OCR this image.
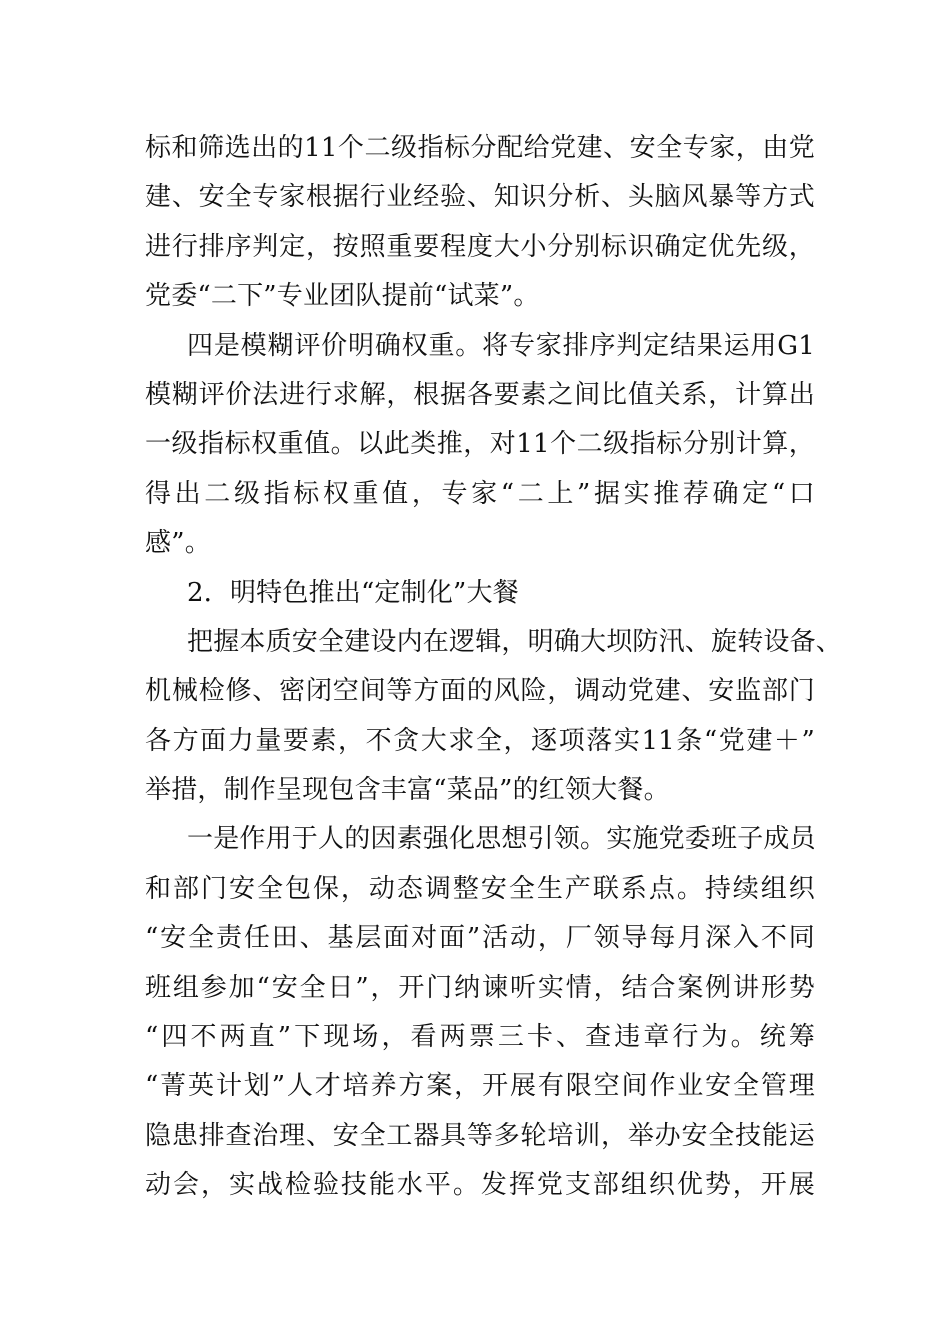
标和筛选出的11个二级指标分配给党建、安全专家，由党
建、安全专家根据行业经验、知识分析、头脑风暴等方式
进行排序判定，按照重要程度大小分别标识确定优先级，
党委“二下”专业团队提前“试菜”。
四是模糊评价明确权重。将专家排序判定结果运用G1
模糊评价法进行求解，根据各要素之间比值关系，计算出
一级指标权重值。以此类推，对11个二级指标分别计算，
得出二级指标权重值，专家“二上”据实推荐确定“口
感”。
2．明特色推出“定制化”大餐
把握本质安全建设内在逻辑，明确大坝防汛、旋转设备、
机械检修、密闭空间等方面的风险，调动党建、安监部门
各方面力量要素，不贪大求全，逐项落实11条“党建＋”
举措，制作呈现包含丰富“菜品”的红领大餐。
一是作用于人的因素强化思想引领。实施党委班子成员
和部门安全包保，动态调整安全生产联系点。持续组织
“安全责任田、基层面对面”活动，厂领导每月深入不同
班组参加“安全日”，开门纳谏听实情，结合案例讲形势
“四不两直”下现场，看两票三卡、查违章行为。统筹
“菁英计划”人才培养方案，开展有限空间作业安全管理
隐患排查治理、安全工器具等多轮培训，举办安全技能运
动会，实战检验技能水平。发挥党支部组织优势，开展
